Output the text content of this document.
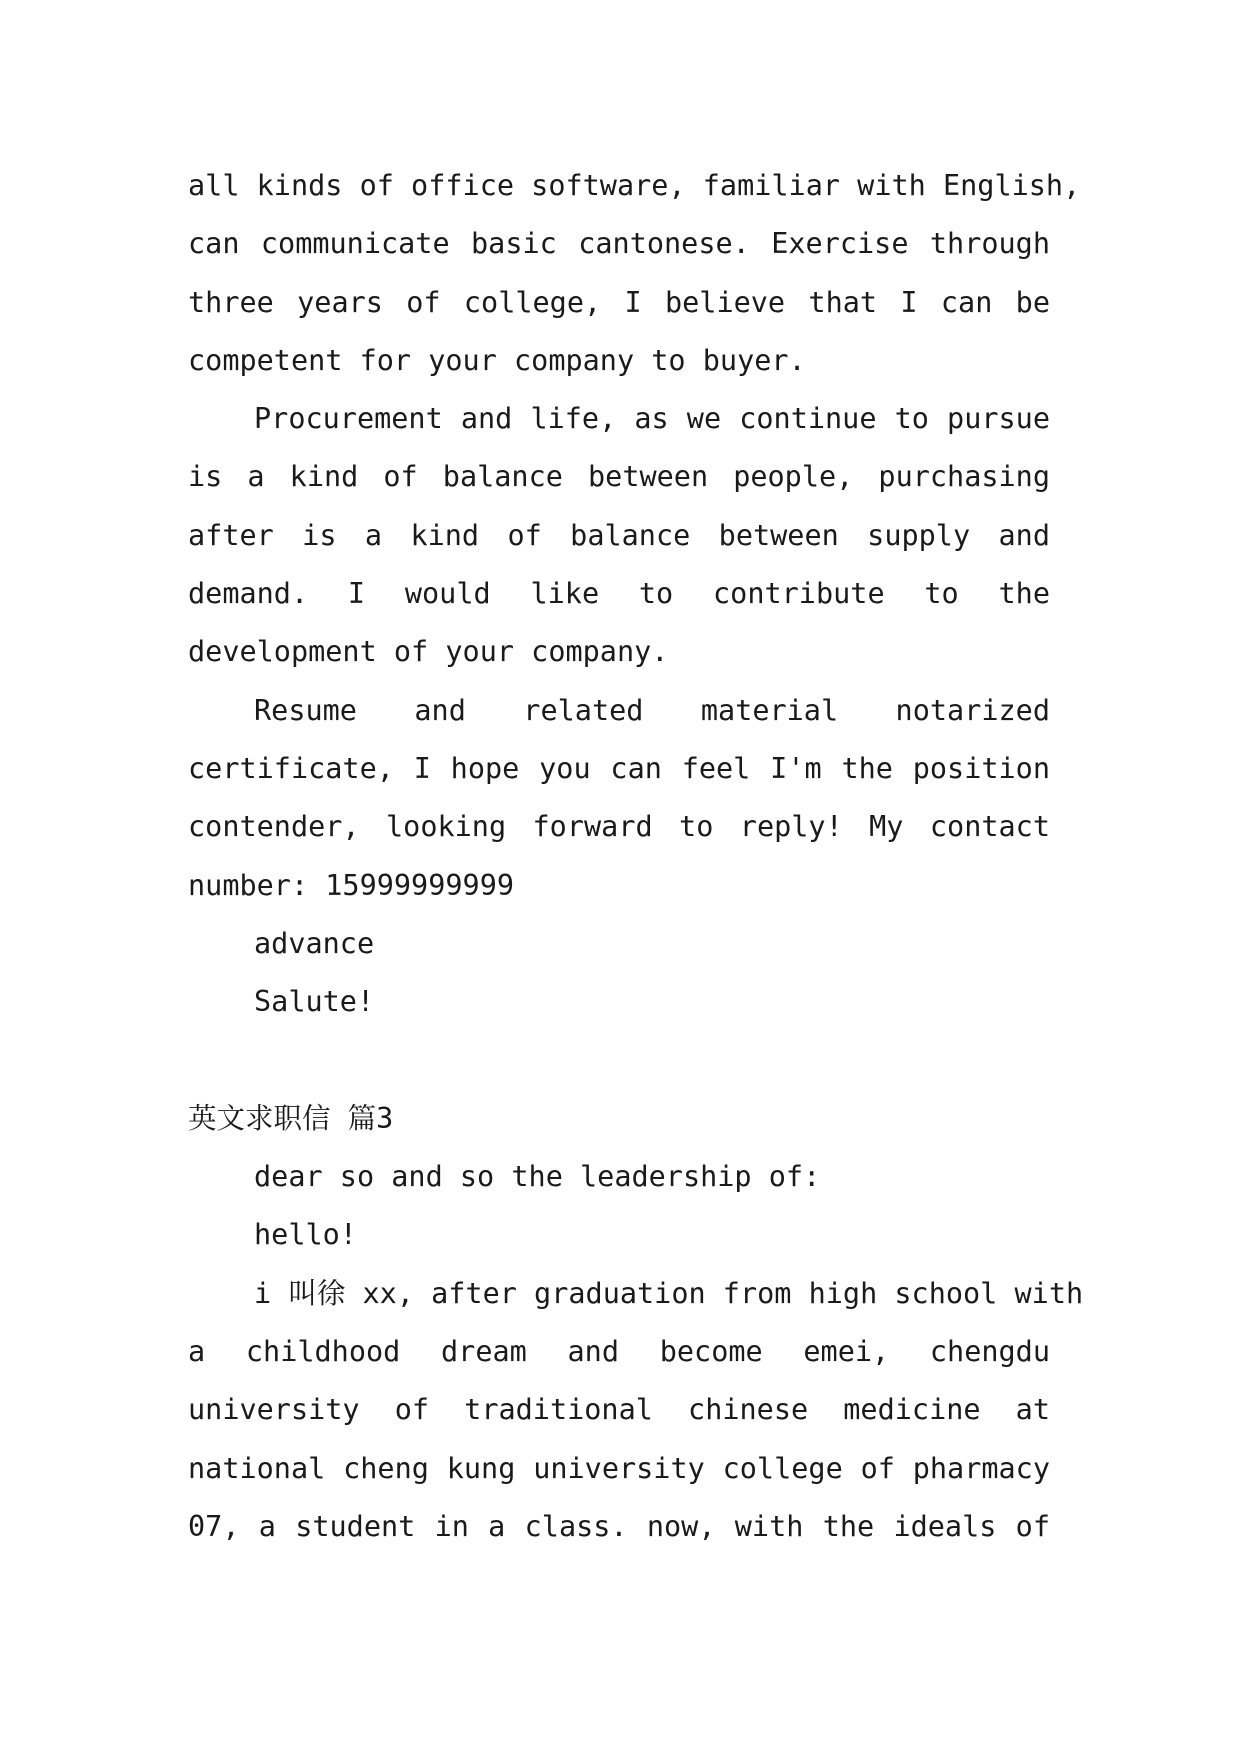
all kinds of office software, familiar with English,
can communicate basic cantonese. Exercise through
three years of college, I believe that I can be
competent for your company to buyer.
Procurement and life, as we continue to pursue
is a kind of balance between people, purchasing
after is a kind of balance between supply and
demand. I would like to contribute to the
development of your company.
Resume and related material notarized
certificate, I hope you can feel I'm the position
contender, looking forward to reply! My contact
number: 15999999999
advance
Salute!
英文求职信 篇3
dear so and so the leadership of:
hello!
i 叫徐 xx, after graduation from high school with
a childhood dream and become emei, chengdu
university of traditional chinese medicine at
national cheng kung university college of pharmacy
07, a student in a class. now, with the ideals of
